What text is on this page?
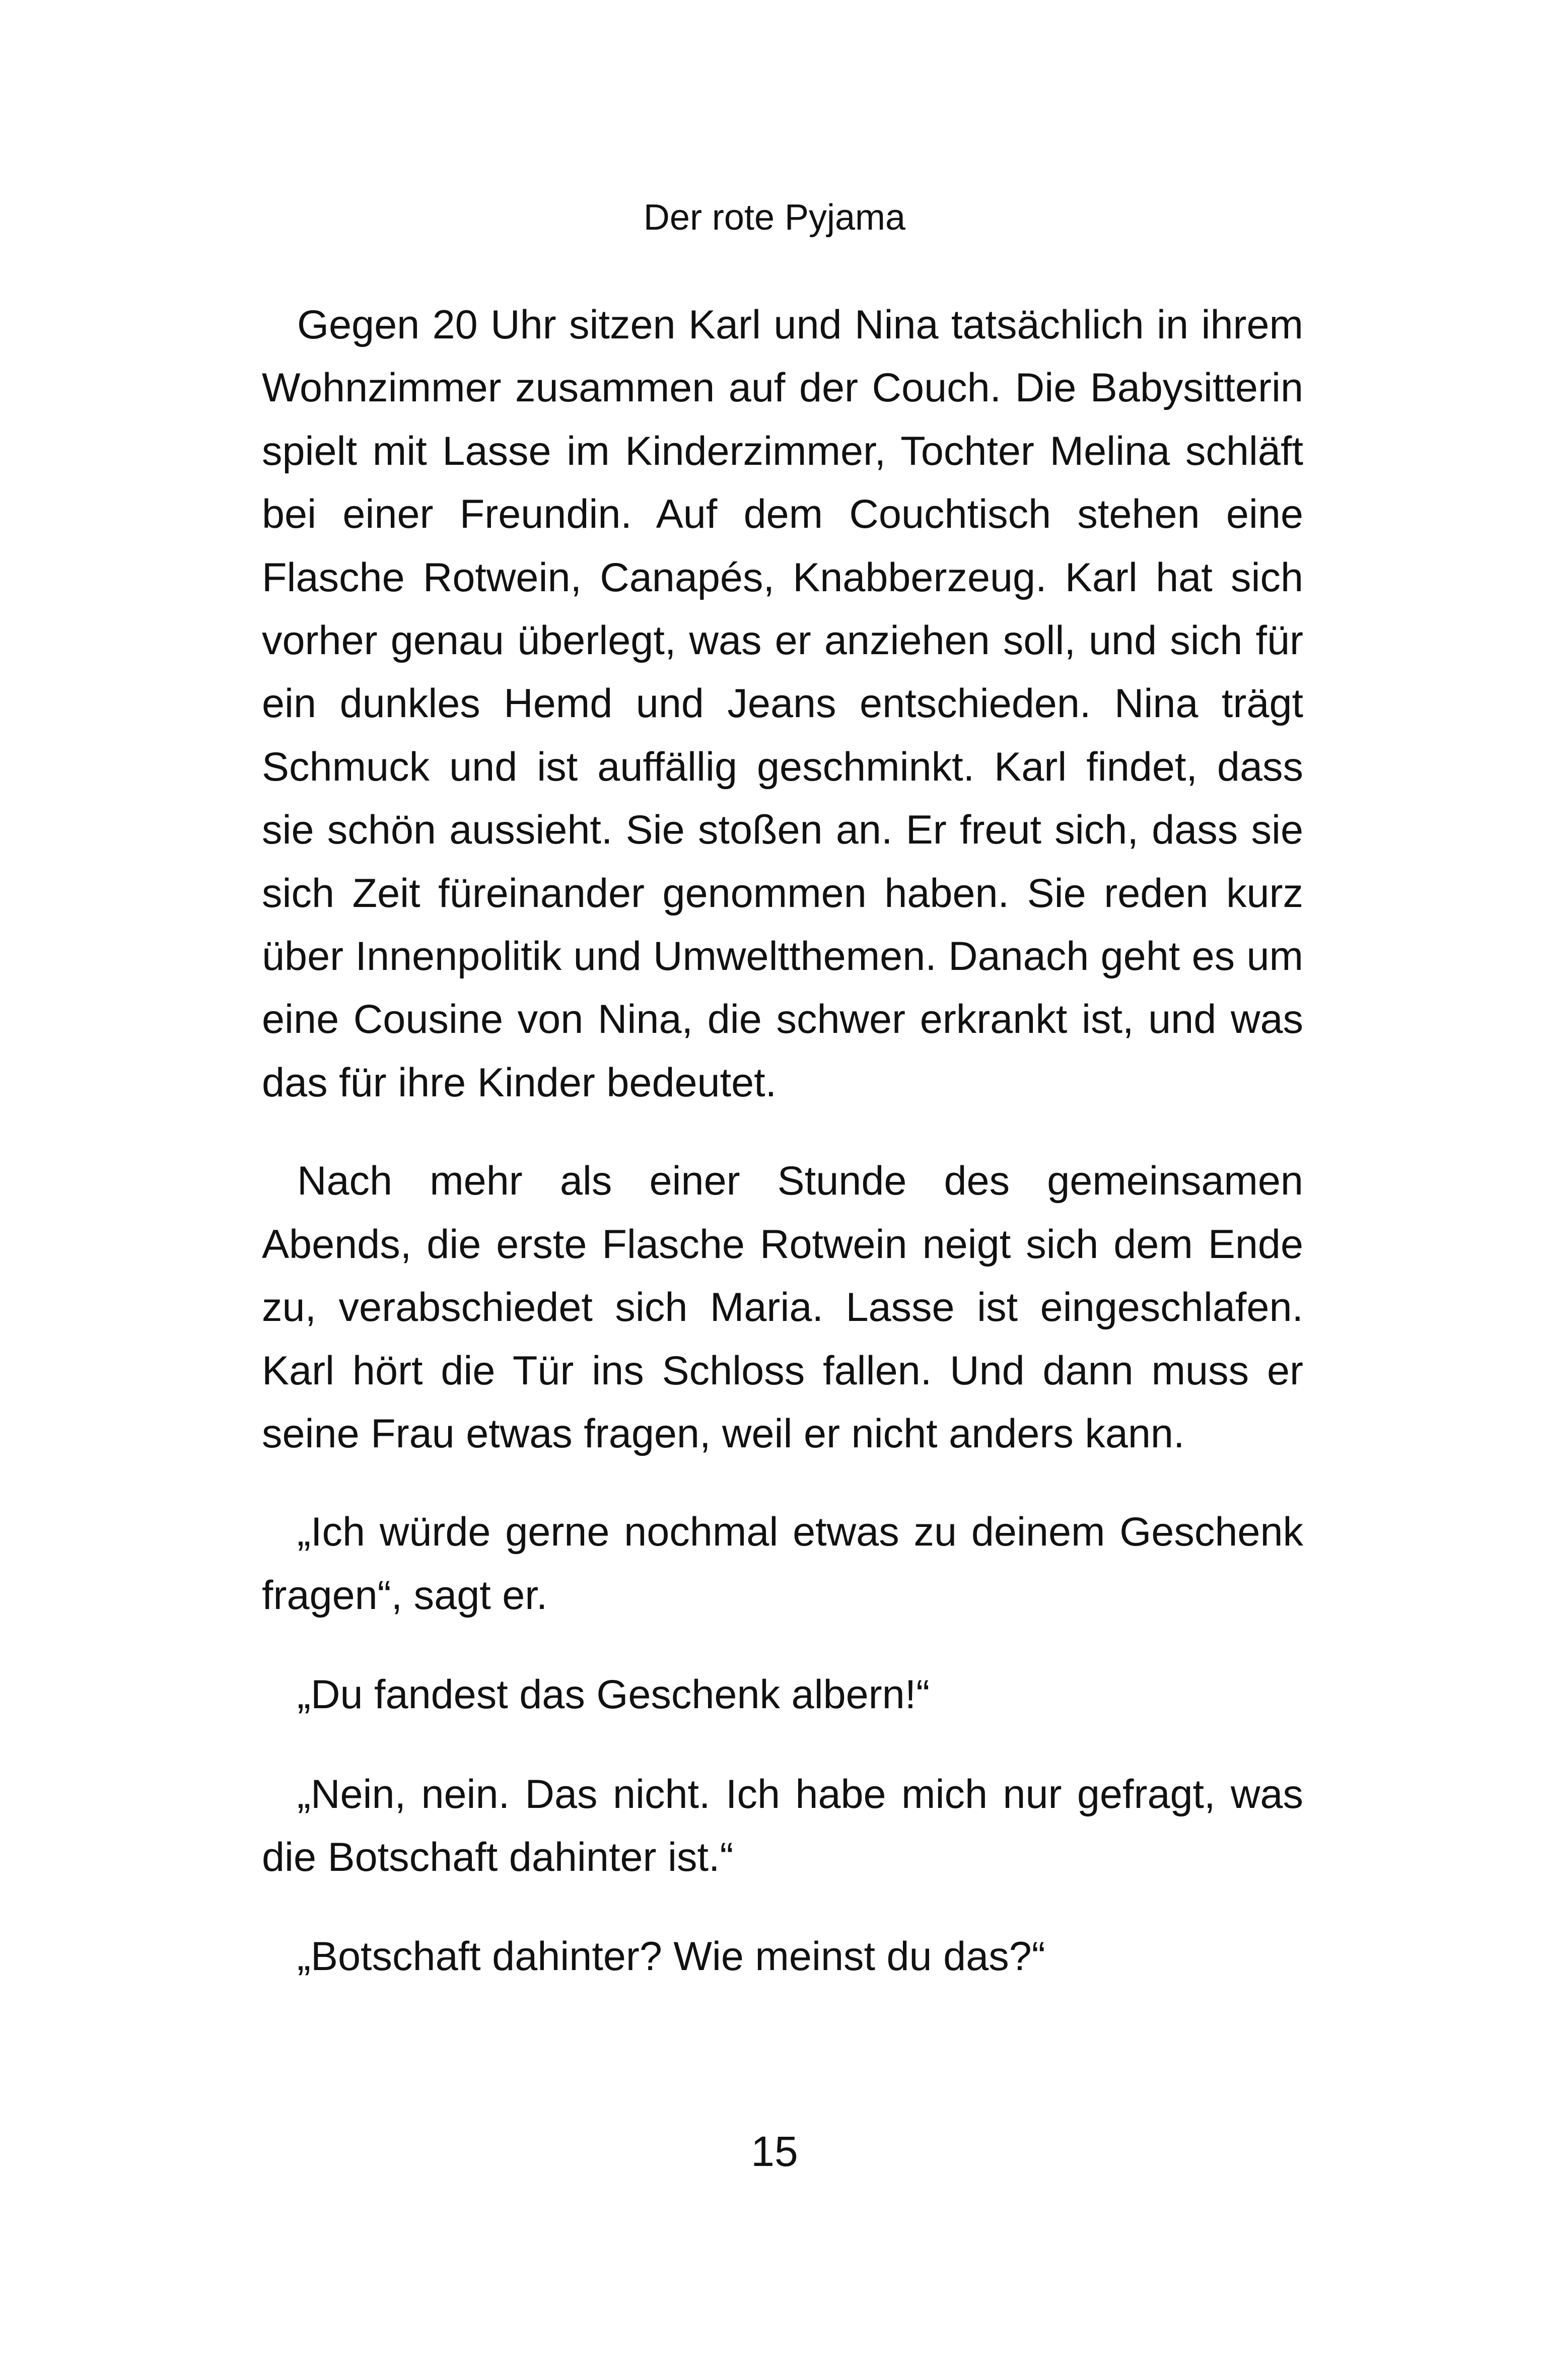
Der rote Pyjama

Gegen 20 Uhr sitzen Karl und Nina tatsächlich in ihrem Wohnzimmer zusammen auf der Couch. Die Babysitterin spielt mit Lasse im Kinderzimmer, Tochter Melina schläft bei einer Freundin. Auf dem Couchtisch stehen eine Flasche Rotwein, Canapés, Knabberzeug. Karl hat sich vorher genau überlegt, was er anziehen soll, und sich für ein dunkles Hemd und Jeans entschieden. Nina trägt Schmuck und ist auffällig geschminkt. Karl findet, dass sie schön aussieht. Sie stoßen an. Er freut sich, dass sie sich Zeit füreinander genommen haben. Sie reden kurz über Innenpolitik und Umweltthemen. Danach geht es um eine Cousine von Nina, die schwer erkrankt ist, und was das für ihre Kinder bedeutet.

Nach mehr als einer Stunde des gemeinsamen Abends, die erste Flasche Rotwein neigt sich dem Ende zu, verabschiedet sich Maria. Lasse ist eingeschlafen. Karl hört die Tür ins Schloss fallen. Und dann muss er seine Frau etwas fragen, weil er nicht anders kann.

„Ich würde gerne nochmal etwas zu deinem Geschenk fragen“, sagt er.

„Du fandest das Geschenk albern!“

„Nein, nein. Das nicht. Ich habe mich nur gefragt, was die Botschaft dahinter ist.“

„Botschaft dahinter? Wie meinst du das?“

15
